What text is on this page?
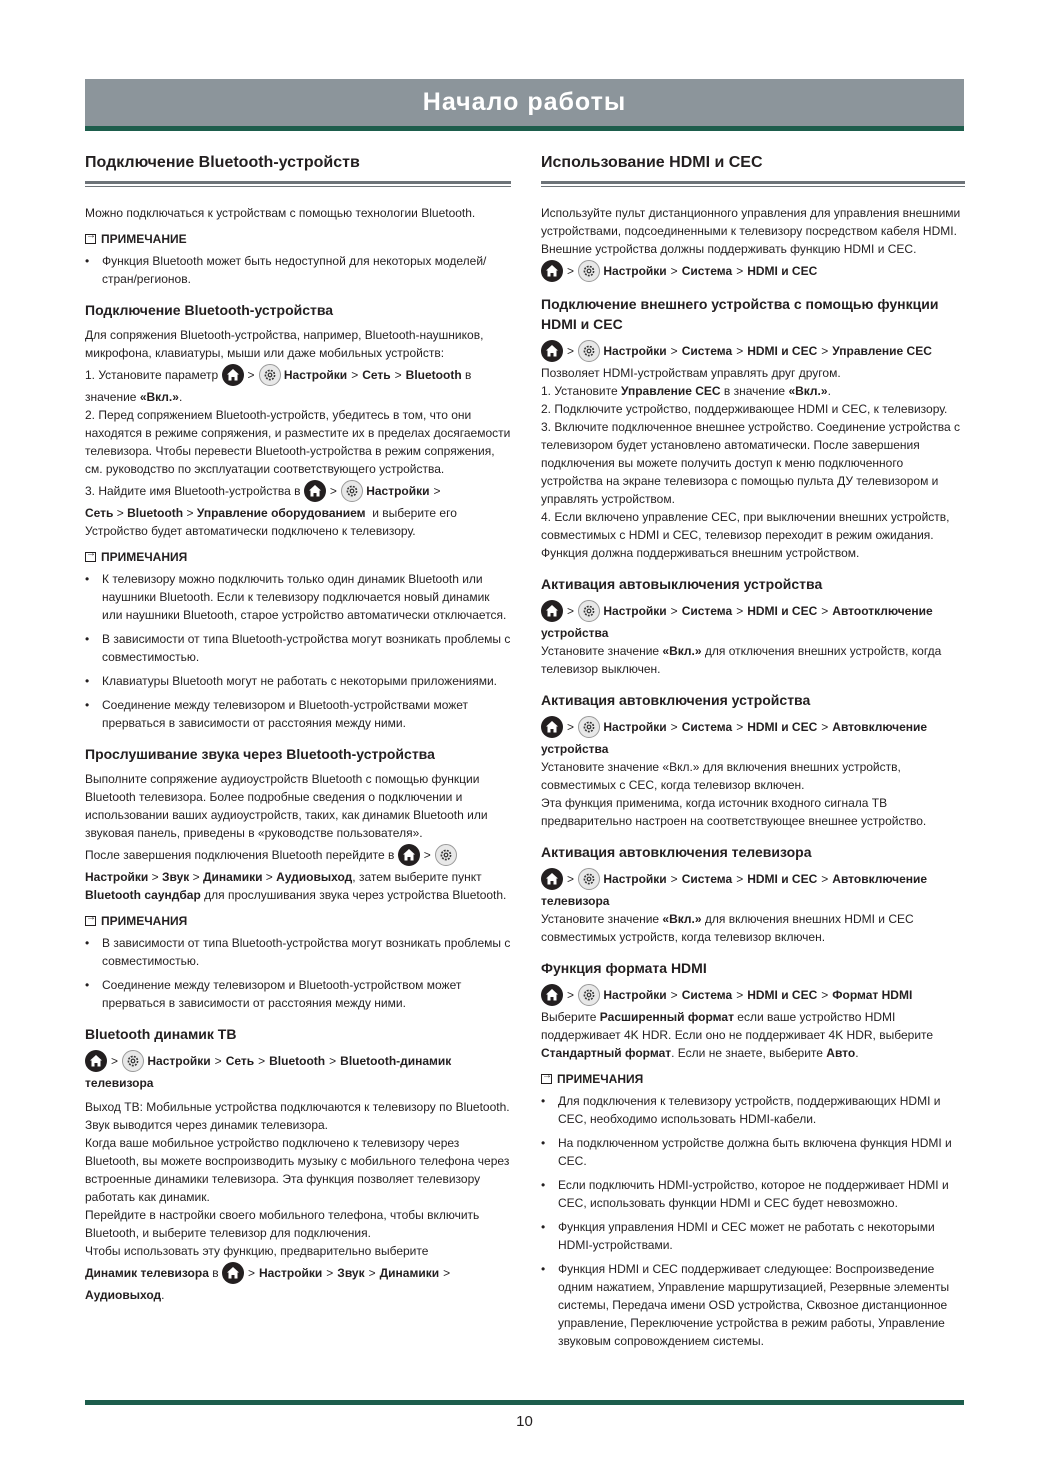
Начало работы
Подключение Bluetooth-устройств

Можно подключаться к устройствам с помощью технологии Bluetooth.

→
ПРИМЕЧАНИЕ
• Функция Bluetooth может быть недоступной для некоторых моделей/стран/регионов.
Подключение Bluetooth-устройства

Для сопряжения Bluetooth-устройства, например, Bluetooth-наушников, микрофона, клавиатуры, мыши или даже мобильных устройств:

1. Установите параметр
>
Настройки > Сеть > Bluetooth
в

значение «Вкл.».

2. Перед сопряжением Bluetooth-устройств, убедитесь в том, что они находятся в режиме сопряжения, и разместите их в пределах досягаемости телевизора. Чтобы перевести Bluetooth-устройства в режим сопряжения, см. руководство по эксплуатации соответствующего устройства.

3. Найдите имя Bluetooth-устройства в
>
Настройки >

Сеть > Bluetooth > Управление оборудованием и выберите его

Устройство будет автоматически подключено к телевизору.

→
ПРИМЕЧАНИЯ
• К телевизору можно подключить только один динамик Bluetooth или наушники Bluetooth. Если к телевизору подключается новый динамик или наушники Bluetooth, старое устройство автоматически отключается.
• В зависимости от типа Bluetooth-устройства могут возникать проблемы с совместимостью.
• Клавиатуры Bluetooth могут не работать с некоторыми приложениями.
• Соединение между телевизором и Bluetooth-устройствами может прерваться в зависимости от расстояния между ними.
Прослушивание звука через Bluetooth-устройства

Выполните сопряжение аудиоустройств Bluetooth с помощью функции Bluetooth телевизора. Более подробные сведения о подключении и использовании ваших аудиоустройств, таких, как динамик Bluetooth или звуковая панель, приведены в «руководстве пользователя».

После завершения подключения Bluetooth перейдите в
>

Настройки > Звук > Динамики > Аудиовыход, затем выберите пункт Bluetooth саундбар для прослушивания звука через устройства Bluetooth.

→
ПРИМЕЧАНИЯ
• В зависимости от типа Bluetooth-устройства могут возникать проблемы с совместимостью.
• Соединение между телевизором и Bluetooth-устройством может прерваться в зависимости от расстояния между ними.
Bluetooth динамик ТВ
>
Настройки > Сеть > Bluetooth > Bluetooth-динамик

телевизора

Выход ТВ: Мобильные устройства подключаются к телевизору по Bluetooth. Звук выводится через динамик телевизора.

Когда ваше мобильное устройство подключено к телевизору через Bluetooth, вы можете воспроизводить музыку с мобильного телефона через встроенные динамики телевизора. Эта функция позволяет телевизору работать как динамик.

Перейдите в настройки своего мобильного телефона, чтобы включить Bluetooth, и выберите телевизор для подключения.

Чтобы использовать эту функцию, предварительно выберите

Динамик телевизора
в
> Настройки > Звук > Динамики >

Аудиовыход.

Использование HDMI и CEC

Используйте пульт дистанционного управления для управления внешними устройствами, подсоединенными к телевизору посредством кабеля HDMI. Внешние устройства должны поддерживать функцию HDMI и CEC.

>
Настройки > Система > HDMI и CEC
Подключение внешнего устройства с помощью функции HDMI и CEC
>
Настройки > Система > HDMI и CEC > Управление CEC

Позволяет HDMI-устройствам управлять друг другом.

1. Установите Управление CEC в значение «Вкл.».

2. Подключите устройство, поддерживающее HDMI и CEC, к телевизору.

3. Включите подключенное внешнее устройство. Соединение устройства с телевизором будет установлено автоматически. После завершения подключения вы можете получить доступ к меню подключенного устройства на экране телевизора с помощью пульта ДУ телевизором и управлять устройством.

4. Если включено управление CEC, при выключении внешних устройств, совместимых с HDMI и CEC, телевизор переходит в режим ожидания. Функция должна поддерживаться внешним устройством.

Активация автовыключения устройства
>
Настройки > Система > HDMI и CEC > Автоотключение

устройства

Установите значение «Вкл.» для отключения внешних устройств, когда телевизор выключен.

Активация автовключения устройства
>
Настройки > Система > HDMI и CEC > Автовключение

устройства

Установите значение «Вкл.» для включения внешних устройств, совместимых с CEC, когда телевизор включен.

Эта функция применима, когда источник входного сигнала ТВ предварительно настроен на соответствующее внешнее устройство.

Активация автовключения телевизора
>
Настройки > Система > HDMI и CEC > Автовключение

телевизора

Установите значение «Вкл.» для включения внешних HDMI и CEC совместимых устройств, когда телевизор включен.

Функция формата HDMI
>
Настройки > Система > HDMI и CEC > Формат HDMI

Выберите Расширенный формат если ваше устройство HDMI поддерживает 4K HDR. Если оно не поддерживает 4K HDR, выберите Стандартный формат. Если не знаете, выберите Авто.

→
ПРИМЕЧАНИЯ
• Для подключения к телевизору устройств, поддерживающих HDMI и CEC, необходимо использовать HDMI-кабели.
• На подключенном устройстве должна быть включена функция HDMI и CEC.
• Если подключить HDMI-устройство, которое не поддерживает HDMI и CEC, использовать функции HDMI и CEC будет невозможно.
• Функция управления HDMI и CEC может не работать с некоторыми HDMI-устройствами.
• Функция HDMI и CEC поддерживает следующее: Воспроизведение одним нажатием, Управление маршрутизацией, Резервные элементы системы, Передача имени OSD устройства, Сквозное дистанционное управление, Переключение устройства в режим работы, Управление звуковым сопровождением системы.
10
